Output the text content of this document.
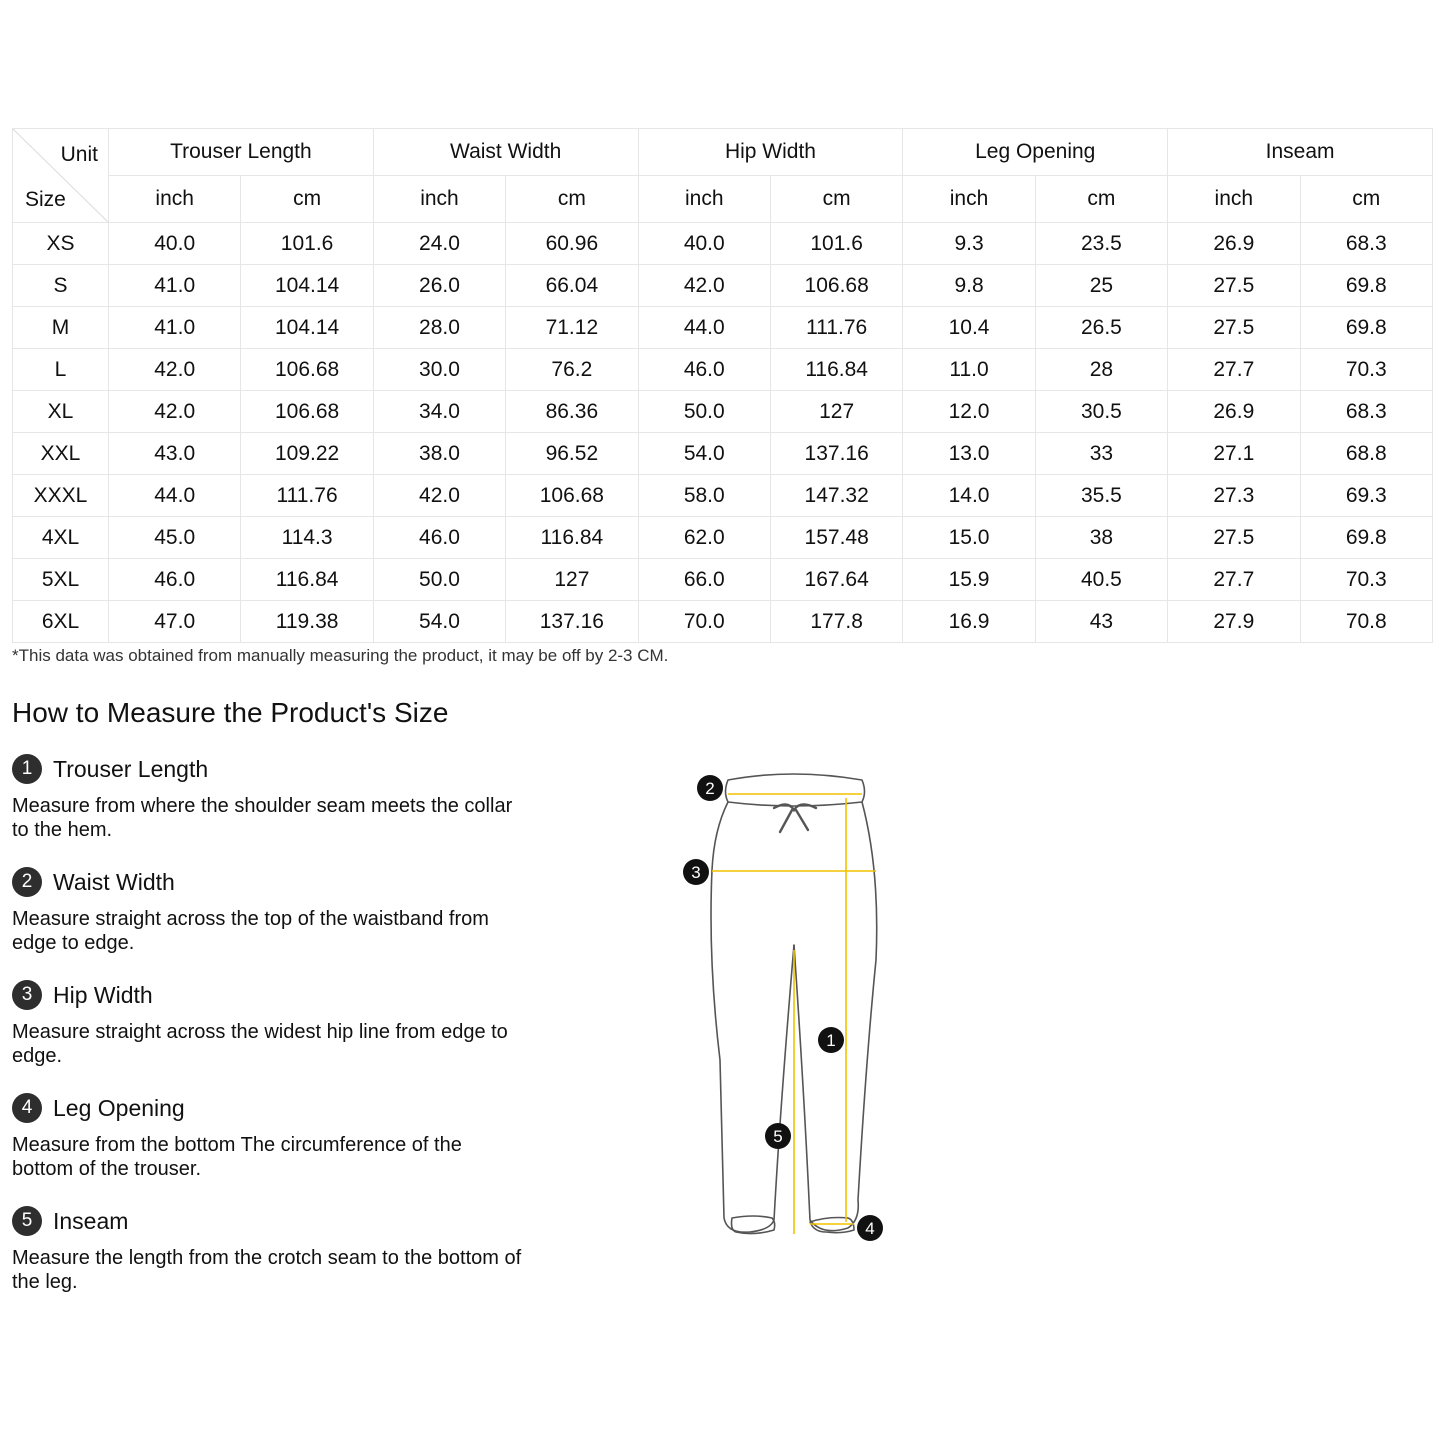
Unit
Size	Trouser Length		Waist Width		Hip Width		Leg Opening		Inseam	
	inch	cm	inch	cm	inch	cm	inch	cm	inch	cm
XS	40.0	101.6	24.0	60.96	40.0	101.6	9.3	23.5	26.9	68.3
S	41.0	104.14	26.0	66.04	42.0	106.68	9.8	25	27.5	69.8
M	41.0	104.14	28.0	71.12	44.0	111.76	10.4	26.5	27.5	69.8
L	42.0	106.68	30.0	76.2	46.0	116.84	11.0	28	27.7	70.3
XL	42.0	106.68	34.0	86.36	50.0	127	12.0	30.5	26.9	68.3
XXL	43.0	109.22	38.0	96.52	54.0	137.16	13.0	33	27.1	68.8
XXXL	44.0	111.76	42.0	106.68	58.0	147.32	14.0	35.5	27.3	69.3
4XL	45.0	114.3	46.0	116.84	62.0	157.48	15.0	38	27.5	69.8
5XL	46.0	116.84	50.0	127	66.0	167.64	15.9	40.5	27.7	70.3
6XL	47.0	119.38	54.0	137.16	70.0	177.8	16.9	43	27.9	70.8
*This data was obtained from manually measuring the product, it may be off by 2-3 CM.
How to Measure the Product's Size
1 Trouser Length
Measure from where the shoulder seam meets the collar to the hem.
2 Waist Width
Measure straight across the top of the waistband from edge to edge.
3 Hip Width
Measure straight across the widest hip line from edge to edge.
4 Leg Opening
Measure from the bottom The circumference of the bottom of the trouser.
5 Inseam
Measure the length from the crotch seam to the bottom of the leg.
2
3
1
5
4
